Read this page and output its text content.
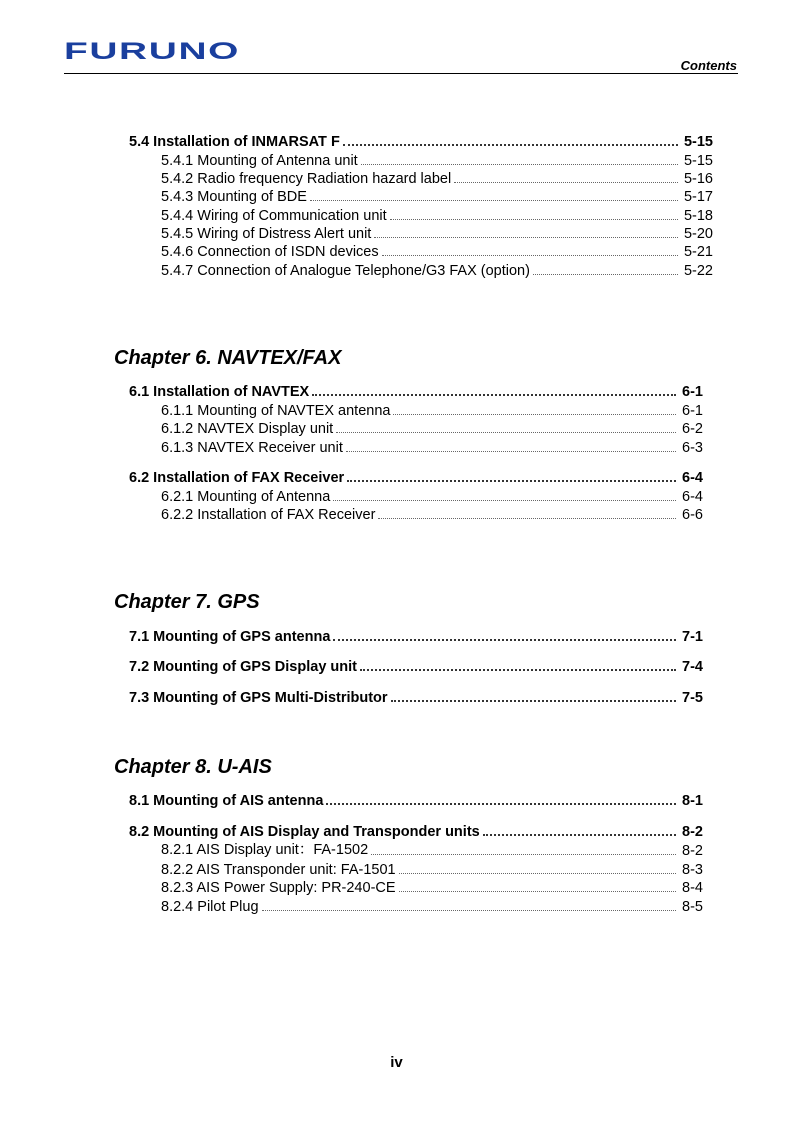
FURUNO
Contents
5.4 Installation of INMARSAT F	5-15
5.4.1 Mounting of Antenna unit	5-15
5.4.2 Radio frequency Radiation hazard label	5-16
5.4.3 Mounting of BDE	5-17
5.4.4 Wiring of Communication unit	5-18
5.4.5 Wiring of Distress Alert unit	5-20
5.4.6 Connection of ISDN devices	5-21
5.4.7 Connection of Analogue Telephone/G3 FAX (option)	5-22
Chapter 6. NAVTEX/FAX
6.1 Installation of NAVTEX	6-1
6.1.1 Mounting of NAVTEX antenna	6-1
6.1.2 NAVTEX Display unit	6-2
6.1.3 NAVTEX Receiver unit	6-3
6.2 Installation of FAX Receiver	6-4
6.2.1 Mounting of Antenna	6-4
6.2.2 Installation of FAX Receiver	6-6
Chapter 7. GPS
7.1 Mounting of GPS antenna	7-1
7.2 Mounting of GPS Display unit	7-4
7.3 Mounting of GPS Multi-Distributor	7-5
Chapter 8. U-AIS
8.1 Mounting of AIS antenna	8-1
8.2 Mounting of AIS Display and Transponder units	8-2
8.2.1 AIS Display unit：FA-1502	8-2
8.2.2 AIS Transponder unit: FA-1501	8-3
8.2.3 AIS Power Supply: PR-240-CE	8-4
8.2.4 Pilot Plug	8-5
iv
